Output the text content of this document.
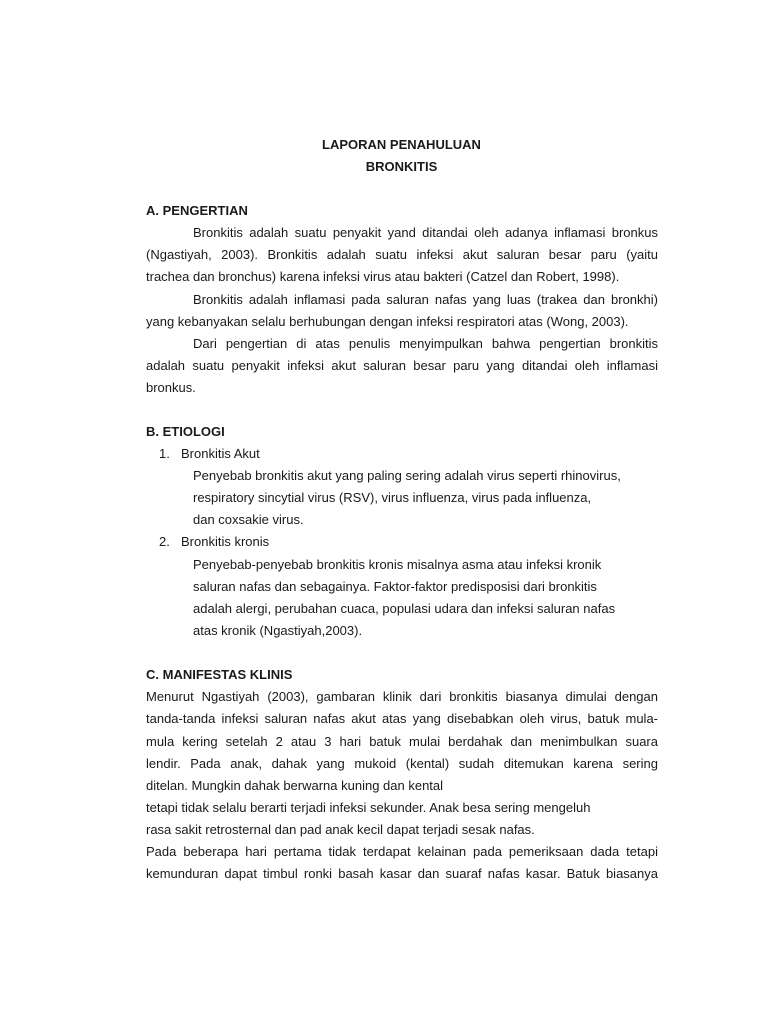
LAPORAN PENAHULUAN

BRONKITIS

A. PENGERTIAN

Bronkitis adalah suatu penyakit yand ditandai oleh adanya inflamasi bronkus

(Ngastiyah, 2003). Bronkitis adalah suatu infeksi akut saluran besar paru (yaitu

trachea dan bronchus) karena infeksi virus atau bakteri (Catzel dan Robert, 1998).

Bronkitis adalah inflamasi pada saluran nafas yang luas (trakea dan bronkhi)

yang kebanyakan selalu berhubungan dengan infeksi respiratori atas (Wong, 2003).

Dari pengertian di atas penulis menyimpulkan bahwa pengertian bronkitis

adalah suatu penyakit infeksi akut saluran besar paru yang ditandai oleh inflamasi

bronkus.

B. ETIOLOGI

1. Bronkitis Akut

Penyebab bronkitis akut yang paling sering adalah virus seperti rhinovirus,

respiratory sincytial virus (RSV), virus influenza, virus pada influenza,

dan coxsakie virus.

2. Bronkitis kronis

Penyebab-penyebab bronkitis kronis misalnya asma atau infeksi kronik

saluran nafas dan sebagainya. Faktor-faktor predisposisi dari bronkitis

adalah alergi, perubahan cuaca, populasi udara dan infeksi saluran nafas

atas kronik (Ngastiyah,2003).

C. MANIFESTAS KLINIS

Menurut Ngastiyah (2003), gambaran klinik dari bronkitis biasanya dimulai dengan

tanda-tanda infeksi saluran nafas akut atas yang disebabkan oleh virus, batuk mula-

mula kering setelah 2 atau 3 hari batuk mulai berdahak dan menimbulkan suara

lendir. Pada anak, dahak yang mukoid (kental) sudah ditemukan karena sering

ditelan. Mungkin dahak berwarna kuning dan kental

tetapi tidak selalu berarti terjadi infeksi sekunder. Anak besa sering mengeluh

rasa sakit retrosternal dan pad anak kecil dapat terjadi sesak nafas.

Pada beberapa hari pertama tidak terdapat kelainan pada pemeriksaan dada tetapi

kemunduran dapat timbul ronki basah kasar dan suaraf nafas kasar. Batuk biasanya
